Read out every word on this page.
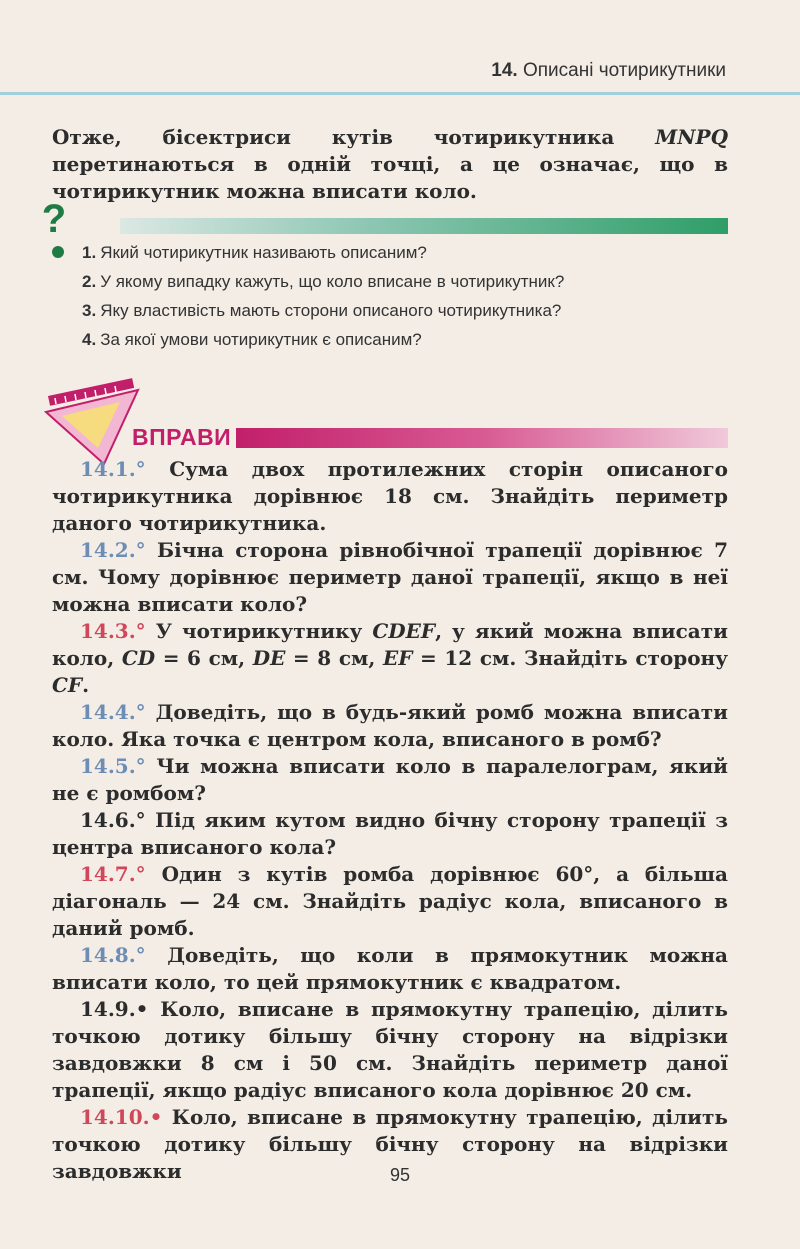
14. Описані чотирикутники

Отже, бісектриси кутів чотирикутника MNPQ перетинаються в одній точці, а це означає, що в чотирикутник можна вписати коло.

?
1. Який чотирикутник називають описаним?
2. У якому випадку кажуть, що коло вписане в чотирикутник?
3. Яку властивість мають сторони описаного чотирикутника?
4. За якої умови чотирикутник є описаним?
ВПРАВИ

14.1.° Сума двох протилежних сторін описаного чотирикутника дорівнює 18 см. Знайдіть периметр даного чотирикутника.

14.2.° Бічна сторона рівнобічної трапеції дорівнює 7 см. Чому дорівнює периметр даної трапеції, якщо в неї можна вписати коло?

14.3.° У чотирикутнику CDEF, у який можна вписати коло, CD = 6 см, DE = 8 см, EF = 12 см. Знайдіть сторону CF.

14.4.° Доведіть, що в будь-який ромб можна вписати коло. Яка точка є центром кола, вписаного в ромб?

14.5.° Чи можна вписати коло в паралелограм, який не є ромбом?

14.6.° Під яким кутом видно бічну сторону трапеції з центра вписаного кола?

14.7.° Один з кутів ромба дорівнює 60°, а більша діагональ — 24 см. Знайдіть радіус кола, вписаного в даний ромб.

14.8.° Доведіть, що коли в прямокутник можна вписати коло, то цей прямокутник є квадратом.

14.9.• Коло, вписане в прямокутну трапецію, ділить точкою дотику більшу бічну сторону на відрізки завдовжки 8 см і 50 см. Знайдіть периметр даної трапеції, якщо радіус вписаного кола дорівнює 20 см.

14.10.• Коло, вписане в прямокутну трапецію, ділить точкою дотику більшу бічну сторону на відрізки завдовжки	95
